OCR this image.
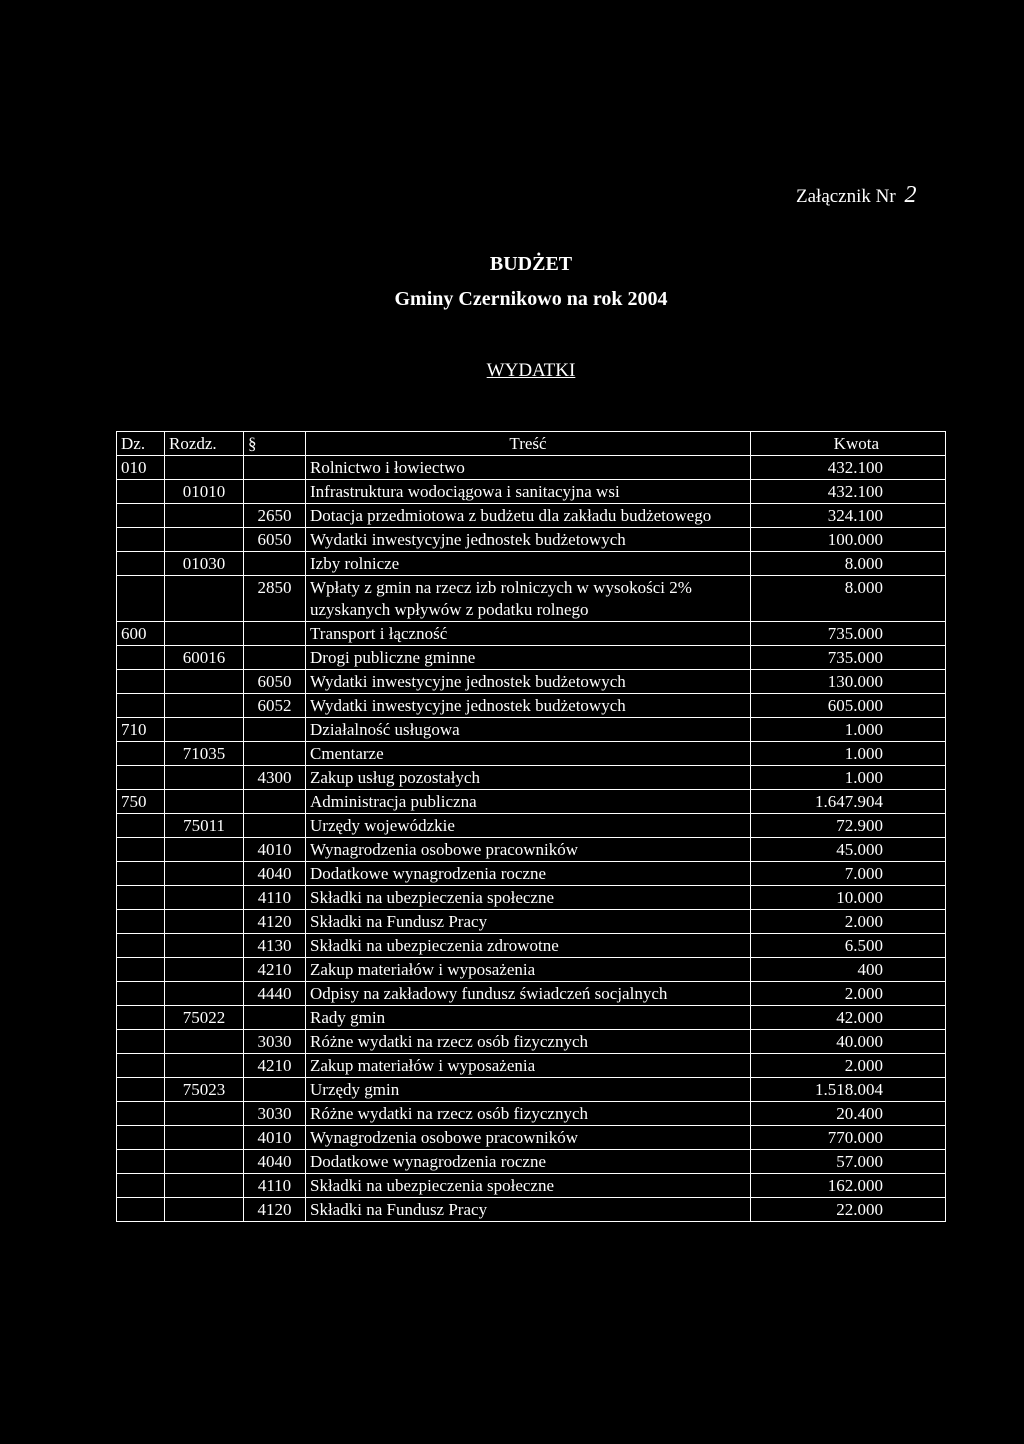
Załącznik Nr 2
BUDŻET
Gminy Czernikowo na rok 2004
WYDATKI
Dz.	Rozdz.	§	Treść	Kwota
010			Rolnictwo i łowiectwo	432.100
	01010		Infrastruktura wodociągowa i sanitacyjna wsi	432.100
		2650	Dotacja przedmiotowa z budżetu dla zakładu budżetowego	324.100
		6050	Wydatki inwestycyjne jednostek budżetowych	100.000
	01030		Izby rolnicze	8.000
		2850	Wpłaty z gmin na rzecz izb rolniczych w wysokości 2% uzyskanych wpływów z podatku rolnego	8.000
600			Transport i łączność	735.000
	60016		Drogi publiczne gminne	735.000
		6050	Wydatki inwestycyjne jednostek budżetowych	130.000
		6052	Wydatki inwestycyjne jednostek budżetowych	605.000
710			Działalność usługowa	1.000
	71035		Cmentarze	1.000
		4300	Zakup usług pozostałych	1.000
750			Administracja publiczna	1.647.904
	75011		Urzędy wojewódzkie	72.900
		4010	Wynagrodzenia osobowe pracowników	45.000
		4040	Dodatkowe wynagrodzenia roczne	7.000
		4110	Składki na ubezpieczenia społeczne	10.000
		4120	Składki na Fundusz Pracy	2.000
		4130	Składki na ubezpieczenia zdrowotne	6.500
		4210	Zakup materiałów i wyposażenia	400
		4440	Odpisy na zakładowy fundusz świadczeń socjalnych	2.000
	75022		Rady gmin	42.000
		3030	Różne wydatki na rzecz osób fizycznych	40.000
		4210	Zakup materiałów i wyposażenia	2.000
	75023		Urzędy gmin	1.518.004
		3030	Różne wydatki na rzecz osób fizycznych	20.400
		4010	Wynagrodzenia osobowe pracowników	770.000
		4040	Dodatkowe wynagrodzenia roczne	57.000
		4110	Składki na ubezpieczenia społeczne	162.000
		4120	Składki na Fundusz Pracy	22.000
